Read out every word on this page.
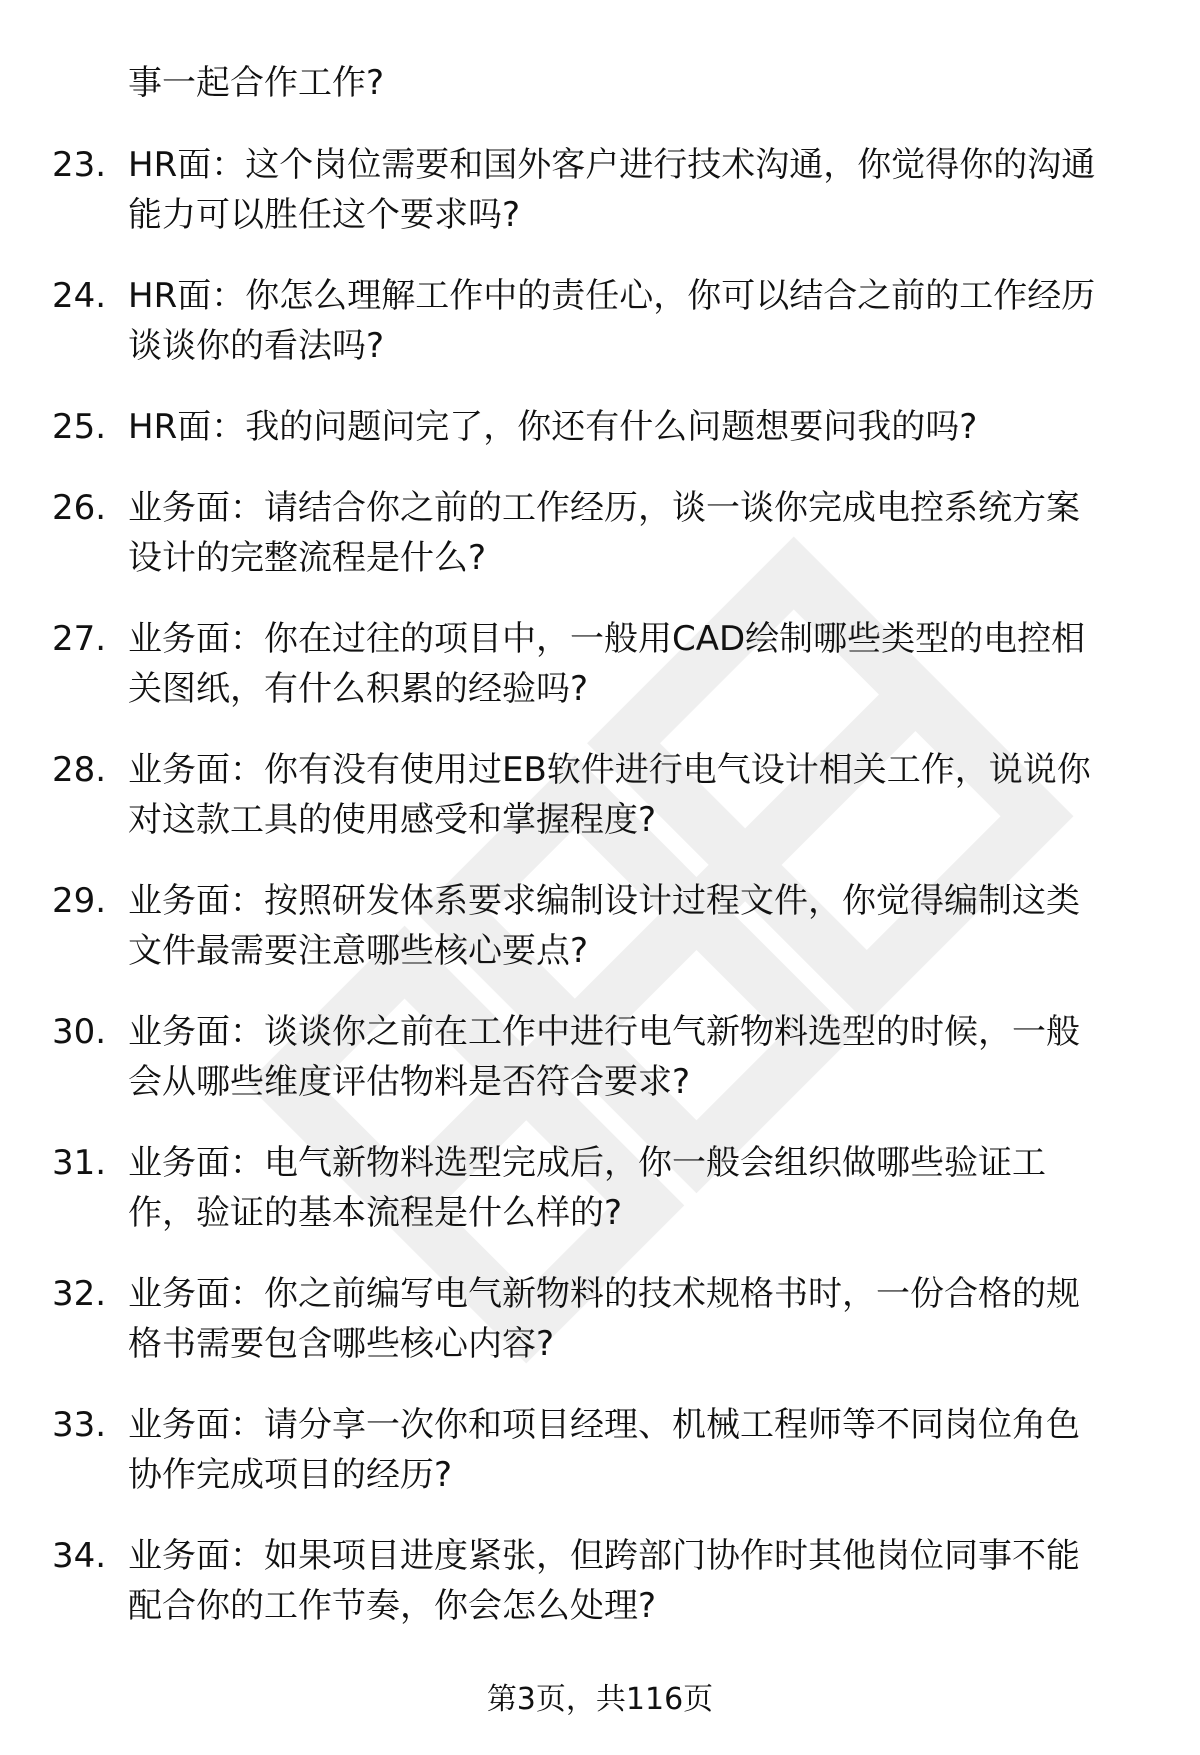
事一起合作工作?
23. HR面：这个岗位需要和国外客户进行技术沟通，你觉得你的沟通
能力可以胜任这个要求吗?
24. HR面：你怎么理解工作中的责任心，你可以结合之前的工作经历
谈谈你的看法吗?
25. HR面：我的问题问完了，你还有什么问题想要问我的吗?
26. 业务面：请结合你之前的工作经历，谈一谈你完成电控系统方案
设计的完整流程是什么?
27. 业务面：你在过往的项目中，一般用CAD绘制哪些类型的电控相
关图纸，有什么积累的经验吗?
28. 业务面：你有没有使用过EB软件进行电气设计相关工作，说说你
对这款工具的使用感受和掌握程度?
29. 业务面：按照研发体系要求编制设计过程文件，你觉得编制这类
文件最需要注意哪些核心要点?
30. 业务面：谈谈你之前在工作中进行电气新物料选型的时候，一般
会从哪些维度评估物料是否符合要求?
31. 业务面：电气新物料选型完成后，你一般会组织做哪些验证工
作，验证的基本流程是什么样的?
32. 业务面：你之前编写电气新物料的技术规格书时，一份合格的规
格书需要包含哪些核心内容?
33. 业务面：请分享一次你和项目经理、机械工程师等不同岗位角色
协作完成项目的经历?
34. 业务面：如果项目进度紧张，但跨部门协作时其他岗位同事不能
配合你的工作节奏，你会怎么处理?
第3页，共116页
